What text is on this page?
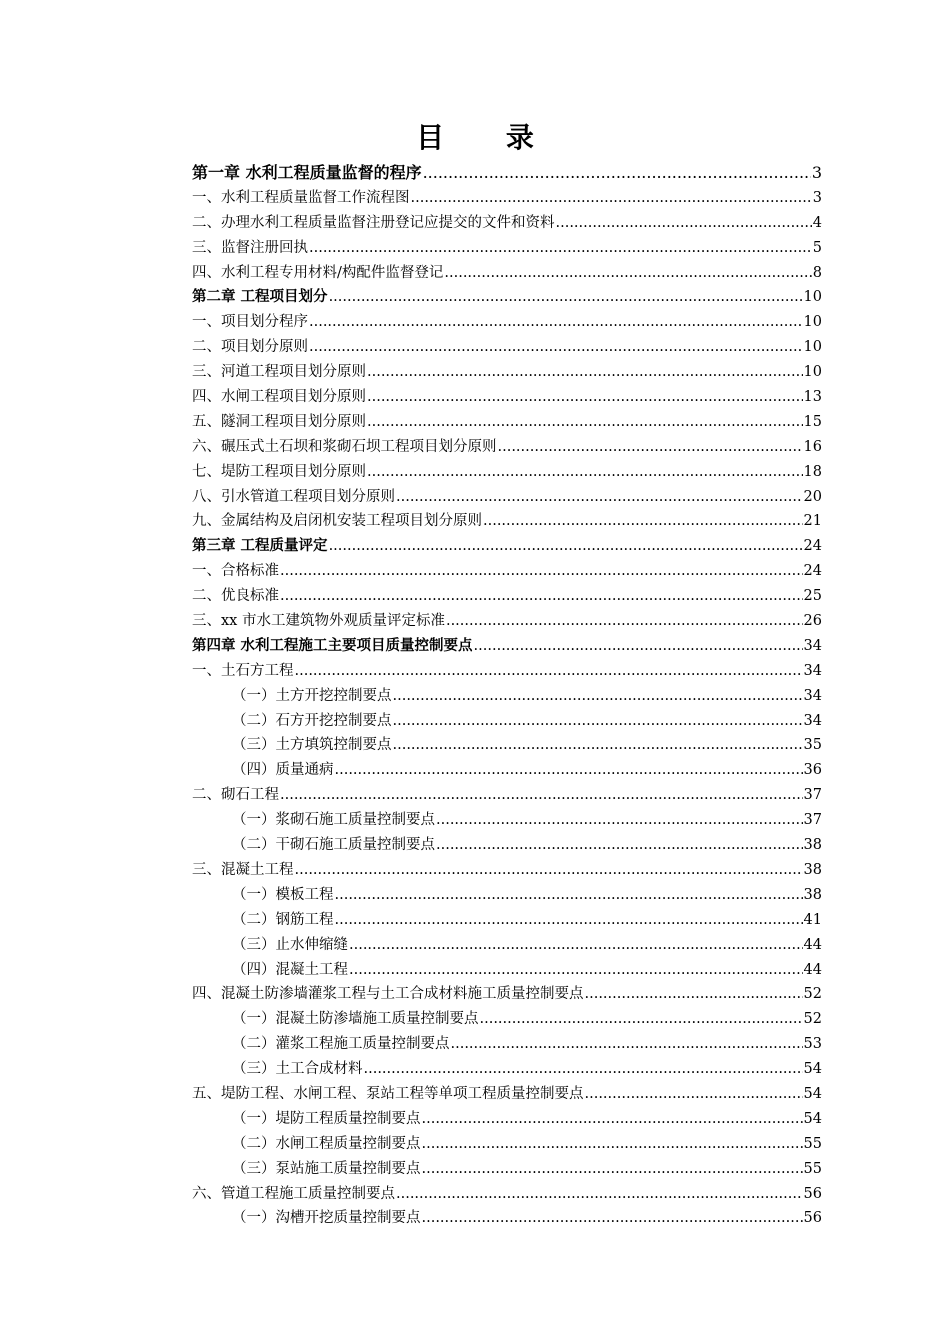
目 录
第一章 水利工程质量监督的程序 .....	3
一、水利工程质量监督工作流程图 .....	3
二、办理水利工程质量监督注册登记应提交的文件和资料 .....	4
三、监督注册回执 .....	5
四、水利工程专用材料/构配件监督登记 .....	8
第二章 工程项目划分 .....	10
一、项目划分程序 .....	10
二、项目划分原则 .....	10
三、河道工程项目划分原则 .....	10
四、水闸工程项目划分原则 .....	13
五、隧洞工程项目划分原则 .....	15
六、碾压式土石坝和浆砌石坝工程项目划分原则 .....	16
七、堤防工程项目划分原则 .....	18
八、引水管道工程项目划分原则 .....	20
九、金属结构及启闭机安装工程项目划分原则 .....	21
第三章 工程质量评定 .....	24
一、合格标准 .....	24
二、优良标准 .....	25
三、xx 市水工建筑物外观质量评定标准 .....	26
第四章 水利工程施工主要项目质量控制要点 .....	34
一、土石方工程 .....	34
（一）土方开挖控制要点 .....	34
（二）石方开挖控制要点 .....	34
（三）土方填筑控制要点 .....	35
（四）质量通病 .....	36
二、砌石工程 .....	37
（一）浆砌石施工质量控制要点 .....	37
（二）干砌石施工质量控制要点 .....	38
三、混凝土工程 .....	38
（一）模板工程 .....	38
（二）钢筋工程 .....	41
（三）止水伸缩缝 .....	44
（四）混凝土工程 .....	44
四、混凝土防渗墙灌浆工程与土工合成材料施工质量控制要点 .....	52
（一）混凝土防渗墙施工质量控制要点 .....	52
（二）灌浆工程施工质量控制要点 .....	53
（三）土工合成材料 .....	54
五、堤防工程、水闸工程、泵站工程等单项工程质量控制要点 .....	54
（一）堤防工程质量控制要点 .....	54
（二）水闸工程质量控制要点 .....	55
（三）泵站施工质量控制要点 .....	55
六、管道工程施工质量控制要点 .....	56
（一）沟槽开挖质量控制要点 .....	56
